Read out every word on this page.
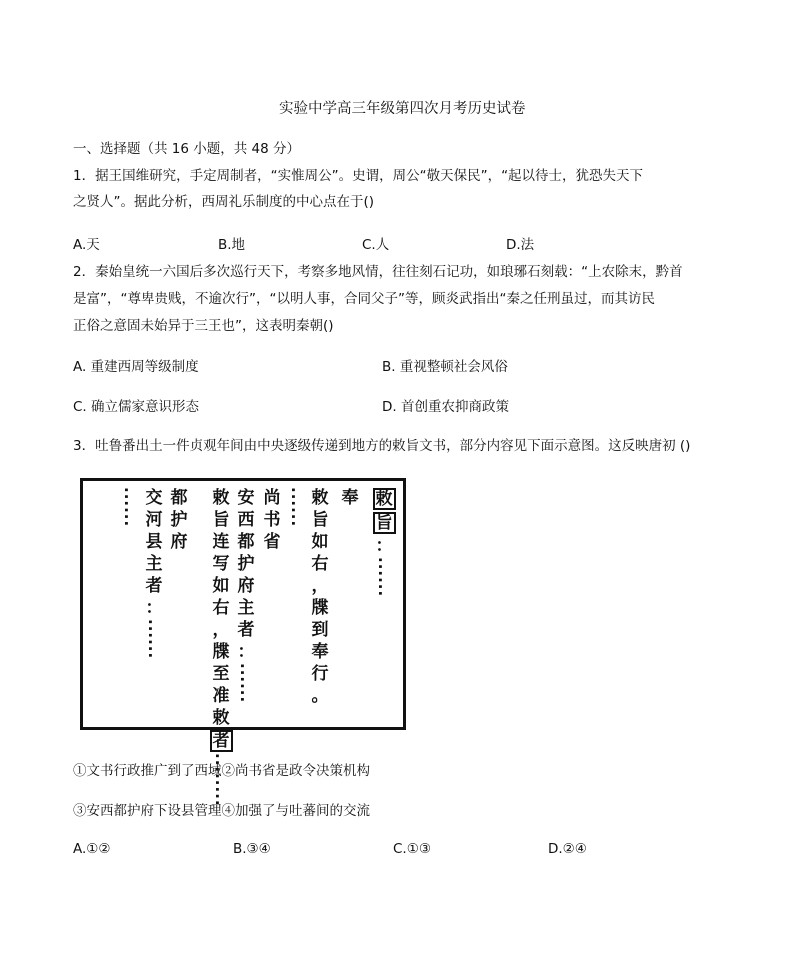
实验中学高三年级第四次月考历史试卷
一、选择题（共 16 小题，共 48 分）
1．据王国维研究，手定周制者，“实惟周公”。史谓，周公“敬天保民”，“起以待士，犹恐失天下
之贤人”。据此分析，西周礼乐制度的中心点在于()
A.天	B.地	C.人	D.法
2．秦始皇统一六国后多次巡行天下，考察多地风情，往往刻石记功，如琅琊石刻载：“上农除末，黔首
是富”，“尊卑贵贱，不逾次行”，“以明人事，合同父子”等，顾炎武指出“秦之任刑虽过，而其访民
正俗之意固未始异于三王也”，这表明秦朝()
A. 重建西周等级制度	B. 重视整顿社会风俗
C. 确立儒家意识形态	D. 首创重农抑商政策
3．吐鲁番出土一件贞观年间由中央逐级传递到地方的敕旨文书，部分内容见下面示意图。这反映唐初 ()
敕
旨
：
......
奉
敕
旨
如
右
，
牒
到
奉
行
。
......
尚
书
省
安
西
都
护
府
主
者
：
......
敕
旨
连
写
如
右
，
牒
至
准
敕
者
........
都
护
府
交
河
县
主
者
：
......
......
①文书行政推广到了西域②尚书省是政令决策机构
③安西都护府下设县管理④加强了与吐蕃间的交流
A.①②	B.③④	C.①③	D.②④
